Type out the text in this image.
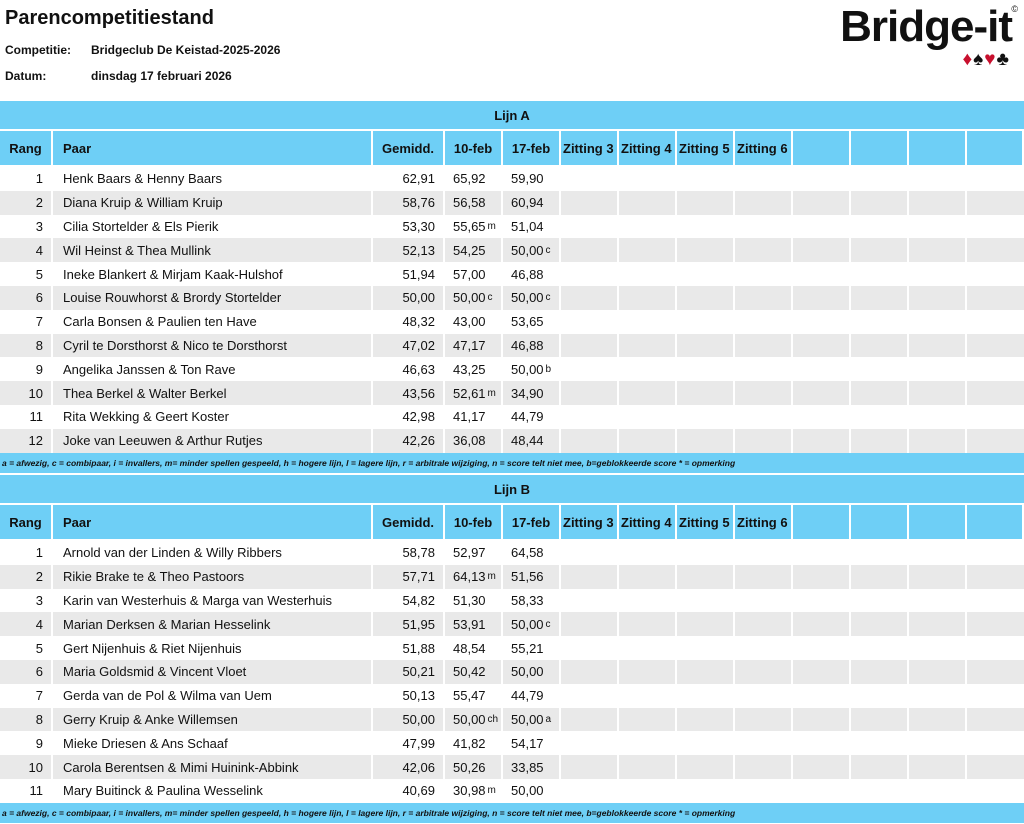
Parencompetitiestand
Competitie:	Bridgeclub De Keistad-2025-2026
Datum:	dinsdag 17 februari 2026
Bridge-it ©
♦♠♥♣
Lijn A
Rang	Paar	Gemidd.	10-feb	17-feb Zitting 3 Zitting 4 Zitting 5 Zitting 6
1 Henk Baars & Henny Baars	62,91 65,92 59,90
2 Diana Kruip & William Kruip	58,76 56,58 60,94
3 Cilia Stortelder & Els Pierik	53,30 55,65 m 51,04
4 Wil Heinst & Thea Mullink	52,13 54,25 50,00 c
5 Ineke Blankert & Mirjam Kaak-Hulshof	51,94 57,00 46,88
6 Louise Rouwhorst & Brordy Stortelder	50,00 50,00 c 50,00 c
7 Carla Bonsen & Paulien ten Have	48,32 43,00 53,65
8 Cyril te Dorsthorst & Nico te Dorsthorst	47,02 47,17 46,88
9 Angelika Janssen & Ton Rave	46,63 43,25 50,00 b
10 Thea Berkel & Walter Berkel	43,56 52,61 m 34,90
11 Rita Wekking & Geert Koster	42,98 41,17 44,79
12 Joke van Leeuwen & Arthur Rutjes	42,26 36,08 48,44
a = afwezig, c = combipaar, i = invallers, m= minder spellen gespeeld, h = hogere lijn, l = lagere lijn, r = arbitrale wijziging, n = score telt niet mee, b=geblokkeerde score * = opmerking
Lijn B
Rang	Paar	Gemidd.	10-feb	17-feb Zitting 3 Zitting 4 Zitting 5 Zitting 6
1 Arnold van der Linden & Willy Ribbers	58,78 52,97 64,58
2 Rikie Brake te & Theo Pastoors	57,71 64,13 m 51,56
3 Karin van Westerhuis & Marga van Westerhuis	54,82 51,30 58,33
4 Marian Derksen & Marian Hesselink	51,95 53,91 50,00 c
5 Gert Nijenhuis & Riet Nijenhuis	51,88 48,54 55,21
6 Maria Goldsmid & Vincent Vloet	50,21 50,42 50,00
7 Gerda van de Pol & Wilma van Uem	50,13 55,47 44,79
8 Gerry Kruip & Anke Willemsen	50,00 50,00 ch 50,00 a
9 Mieke Driesen & Ans Schaaf	47,99 41,82 54,17
10 Carola Berentsen & Mimi Huinink-Abbink	42,06 50,26 33,85
11 Mary Buitinck & Paulina Wesselink	40,69 30,98 m 50,00
a = afwezig, c = combipaar, i = invallers, m= minder spellen gespeeld, h = hogere lijn, l = lagere lijn, r = arbitrale wijziging, n = score telt niet mee, b=geblokkeerde score * = opmerking
